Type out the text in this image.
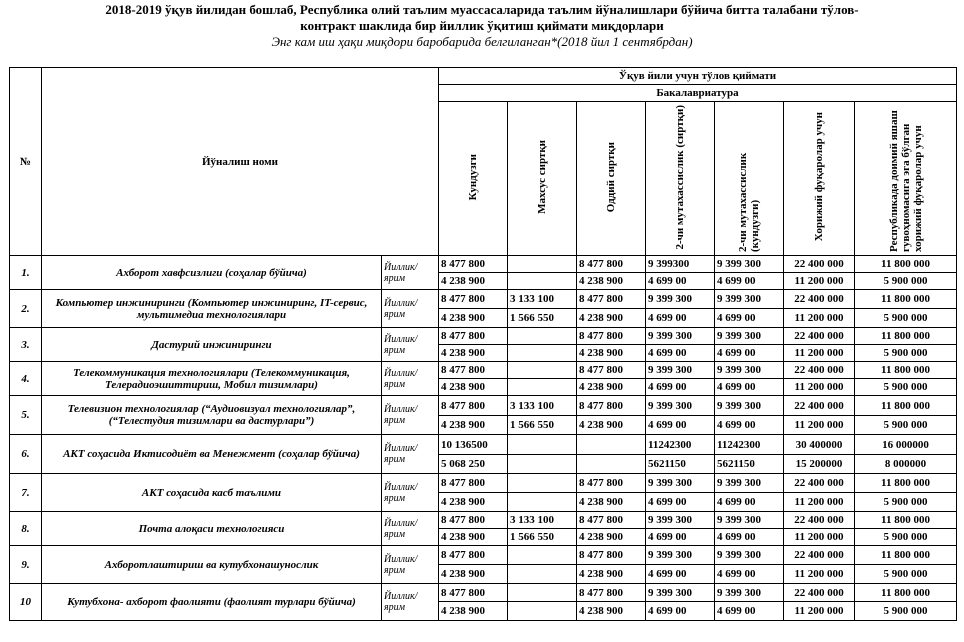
2018-2019 ўқув йилидан бошлаб, Республика олий таълим муассасаларида таълим йўналишлари бўйича битта талабани тўлов-
контракт шаклида бир йиллик ўқитиш қиймати миқдорлари
Энг кам иш ҳақи миқдори баробарида белгиланган*(2018 йил 1 сентябрдан)
№	Йўналиш номи		Ўқув йили учун тўлов қиймати						
			Бакалавриатура						
			Кундузги	Махсус сиртқи	Оддий сиртқи	2-чи мутахассислик (сиртқи)	2-чи мутахассислик (кундузги)	Хорижий фуқаролар учун	Республикада доимий яшаш гувоҳномасига эга бўлган хорижий фуқаролар учун
1.	Ахборот хавфсизлиги (соҳалар бўйича)	Йиллик/ ярим	8 477 800		8 477 800	9 399300	9 399 300	22 400 000	11 800 000
			4 238 900		4 238 900	4 699 00	4 699 00	11 200 000	5 900 000
2.	Компьютер инжиниринги (Компьютер инжиниринг, IT-сервис, мультимедиа технологиялари	Йиллик/ ярим	8 477 800	3 133 100	8 477 800	9 399 300	9 399 300	22 400 000	11 800 000
			4 238 900	1 566 550	4 238 900	4 699 00	4 699 00	11 200 000	5 900 000
3.	Дастурий инжиниринги	Йиллик/ ярим	8 477 800		8 477 800	9 399 300	9 399 300	22 400 000	11 800 000
			4 238 900		4 238 900	4 699 00	4 699 00	11 200 000	5 900 000
4.	Телекоммуникация технологиялари (Телекоммуникация, Телерадиоэшиттириш, Мобил тизимлари)	Йиллик/ ярим	8 477 800		8 477 800	9 399 300	9 399 300	22 400 000	11 800 000
			4 238 900		4 238 900	4 699 00	4 699 00	11 200 000	5 900 000
5.	Телевизион технологиялар (“Аудиовизуал технологиялар”,(“Телестудия тизимлари ва дастурлари”)	Йиллик/ ярим	8 477 800	3 133 100	8 477 800	9 399 300	9 399 300	22 400 000	11 800 000
			4 238 900	1 566 550	4 238 900	4 699 00	4 699 00	11 200 000	5 900 000
6.	АКТ соҳасида Иктисодиёт ва Менежмент (соҳалар бўйича)	Йиллик/ ярим	10 136500			11242300	11242300	30 400000	16 000000
			5 068 250			5621150	5621150	15 200000	8 000000
7.	АКТ соҳасида касб таълими	Йиллик/ ярим	8 477 800		8 477 800	9 399 300	9 399 300	22 400 000	11 800 000
			4 238 900		4 238 900	4 699 00	4 699 00	11 200 000	5 900 000
8.	Почта алоқаси технологияси	Йиллик/ ярим	8 477 800	3 133 100	8 477 800	9 399 300	9 399 300	22 400 000	11 800 000
			4 238 900	1 566 550	4 238 900	4 699 00	4 699 00	11 200 000	5 900 000
9.	Ахборотлаштириш ва кутубхонашунослик	Йиллик/ ярим	8 477 800		8 477 800	9 399 300	9 399 300	22 400 000	11 800 000
			4 238 900		4 238 900	4 699 00	4 699 00	11 200 000	5 900 000
10	Кутубхона- ахборот фаолияти (фаолият турлари бўйича)	Йиллик/ ярим	8 477 800		8 477 800	9 399 300	9 399 300	22 400 000	11 800 000
			4 238 900		4 238 900	4 699 00	4 699 00	11 200 000	5 900 000
